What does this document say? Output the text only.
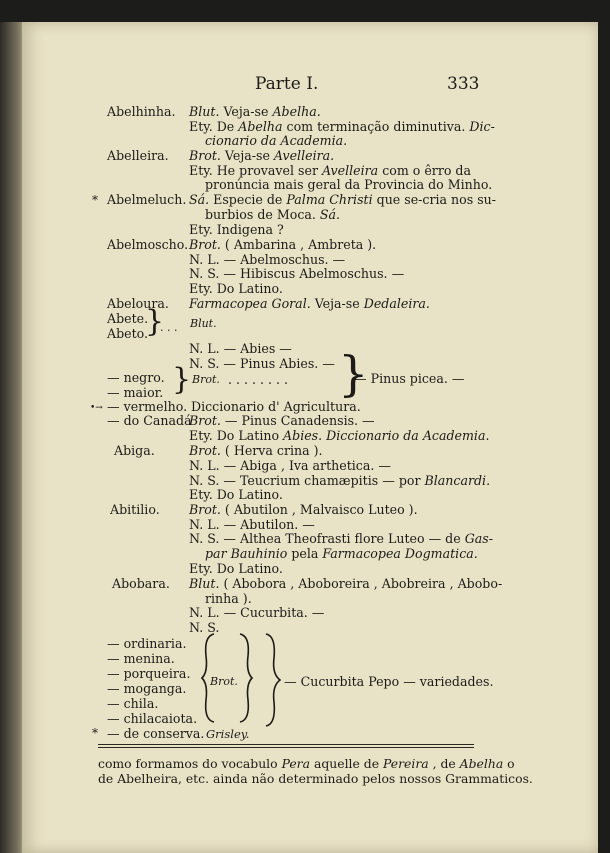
Parte I.	333
Abelhinha. Blut. Veja-se Abelha.
Ety. De Abelha com terminação diminutiva. Dic-
cionario da Academia.
Abelleira. Brot. Veja-se Avelleira.
Ety. He provavel ser Avelleira com o êrro da
pronúncia mais geral da Provincia do Minho.
* Abelmeluch. Sá. Especie de Palma Christi que se-cria nos su-
burbios de Moca. Sá.
Ety. Indigena ?
Abelmoscho. Brot. ( Ambarina , Ambreta ).
N. L. — Abelmoschus. —
N. S. — Hibiscus Abelmoschus. —
Ety. Do Latino.
Abeloura. Farmacopea Goral. Veja-se Dedaleira.
Abete.
Abeto.
}
. . . Blut.
N. L. — Abies —
N. S. — Pinus Abies. —
— negro.
— maior. } Brot. . . . . . . . . }
— Pinus picea. —
•→ — vermelho. Diccionario d' Agricultura.
— do Canadá
Brot. — Pinus Canadensis. —
Ety. Do Latino Abies. Diccionario da Academia.
Abiga.	Brot. ( Herva crina ).
N. L. — Abiga , Iva arthetica. —
N. S. — Teucrium chamæpitis — por Blancardi.
Ety. Do Latino.
Abitilio. Brot. ( Abutilon , Malvaisco Luteo ).
N. L. — Abutilon. —
N. S. — Althea Theofrasti flore Luteo — de Gas-
par Bauhinio pela Farmacopea Dogmatica.
Ety. Do Latino.
Abobara. Blut. ( Abobora , Aboboreira , Abobreira , Abobo-
rinha ).
N. L. — Cucurbita. —
N. S.
— ordinaria.
— menina.
— porqueira.
— moganga.
— chila.
— chilacaiota.
* — de conserva.
Brot.	— Cucurbita Pepo — variedades.
Grisley.
como formamos do vocabulo Pera aquelle de Pereira , de Abelha o
de Abelheira, etc. ainda não determinado pelos nossos Grammaticos.
